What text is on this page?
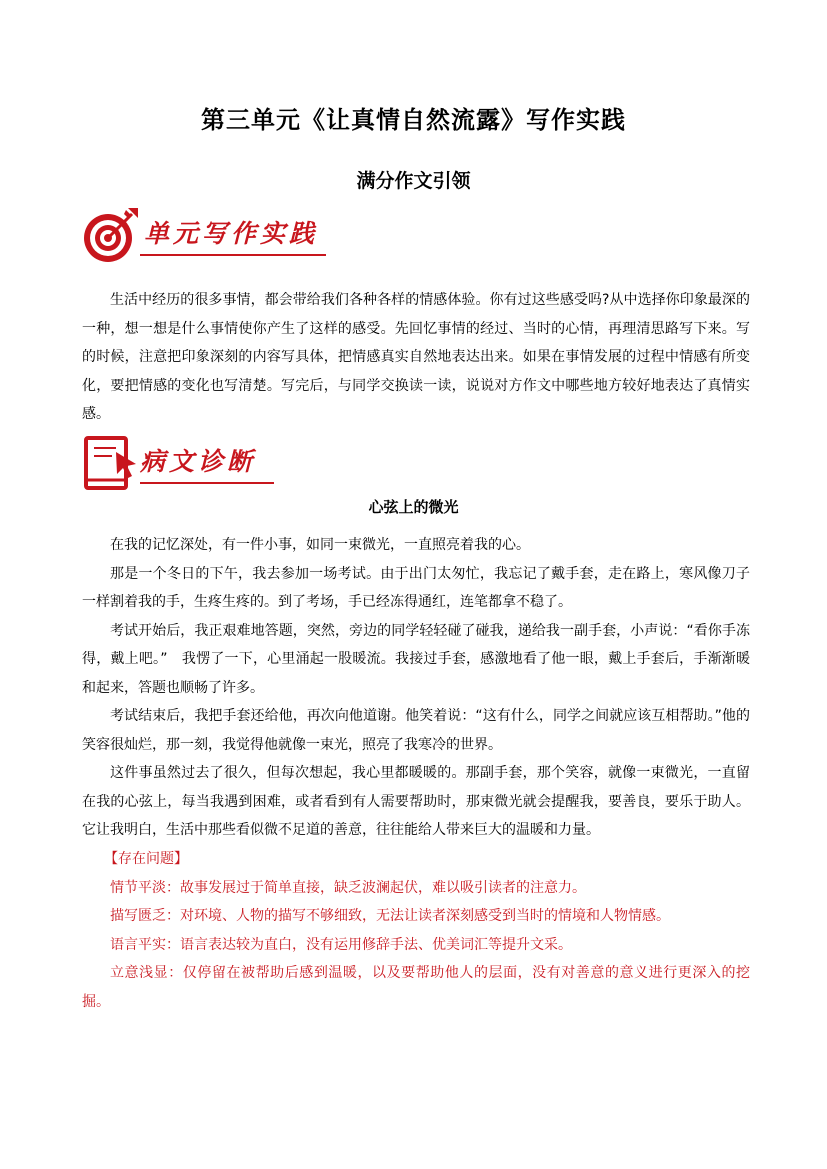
第三单元《让真情自然流露》写作实践
满分作文引领
单元写作实践

生活中经历的很多事情，都会带给我们各种各样的情感体验。你有过这些感受吗?从中选择你印象最深的一种，想一想是什么事情使你产生了这样的感受。先回忆事情的经过、当时的心情，再理清思路写下来。写的时候，注意把印象深刻的内容写具体，把情感真实自然地表达出来。如果在事情发展的过程中情感有所变化，要把情感的变化也写清楚。写完后，与同学交换读一读，说说对方作文中哪些地方较好地表达了真情实感。

病文诊断
心弦上的微光

在我的记忆深处，有一件小事，如同一束微光，一直照亮着我的心。

那是一个冬日的下午，我去参加一场考试。由于出门太匆忙，我忘记了戴手套，走在路上，寒风像刀子一样割着我的手，生疼生疼的。到了考场，手已经冻得通红，连笔都拿不稳了。

考试开始后，我正艰难地答题，突然，旁边的同学轻轻碰了碰我，递给我一副手套，小声说：“看你手冻得，戴上吧。”　我愣了一下，心里涌起一股暖流。我接过手套，感激地看了他一眼，戴上手套后，手渐渐暖和起来，答题也顺畅了许多。

考试结束后，我把手套还给他，再次向他道谢。他笑着说：“这有什么，同学之间就应该互相帮助。”他的笑容很灿烂，那一刻，我觉得他就像一束光，照亮了我寒冷的世界。

这件事虽然过去了很久，但每次想起，我心里都暖暖的。那副手套，那个笑容，就像一束微光，一直留在我的心弦上，每当我遇到困难，或者看到有人需要帮助时，那束微光就会提醒我，要善良，要乐于助人。它让我明白，生活中那些看似微不足道的善意，往往能给人带来巨大的温暖和力量。

【存在问题】

情节平淡：故事发展过于简单直接，缺乏波澜起伏，难以吸引读者的注意力。

描写匮乏：对环境、人物的描写不够细致，无法让读者深刻感受到当时的情境和人物情感。

语言平实：语言表达较为直白，没有运用修辞手法、优美词汇等提升文采。

立意浅显：仅停留在被帮助后感到温暖，以及要帮助他人的层面，没有对善意的意义进行更深入的挖掘。
